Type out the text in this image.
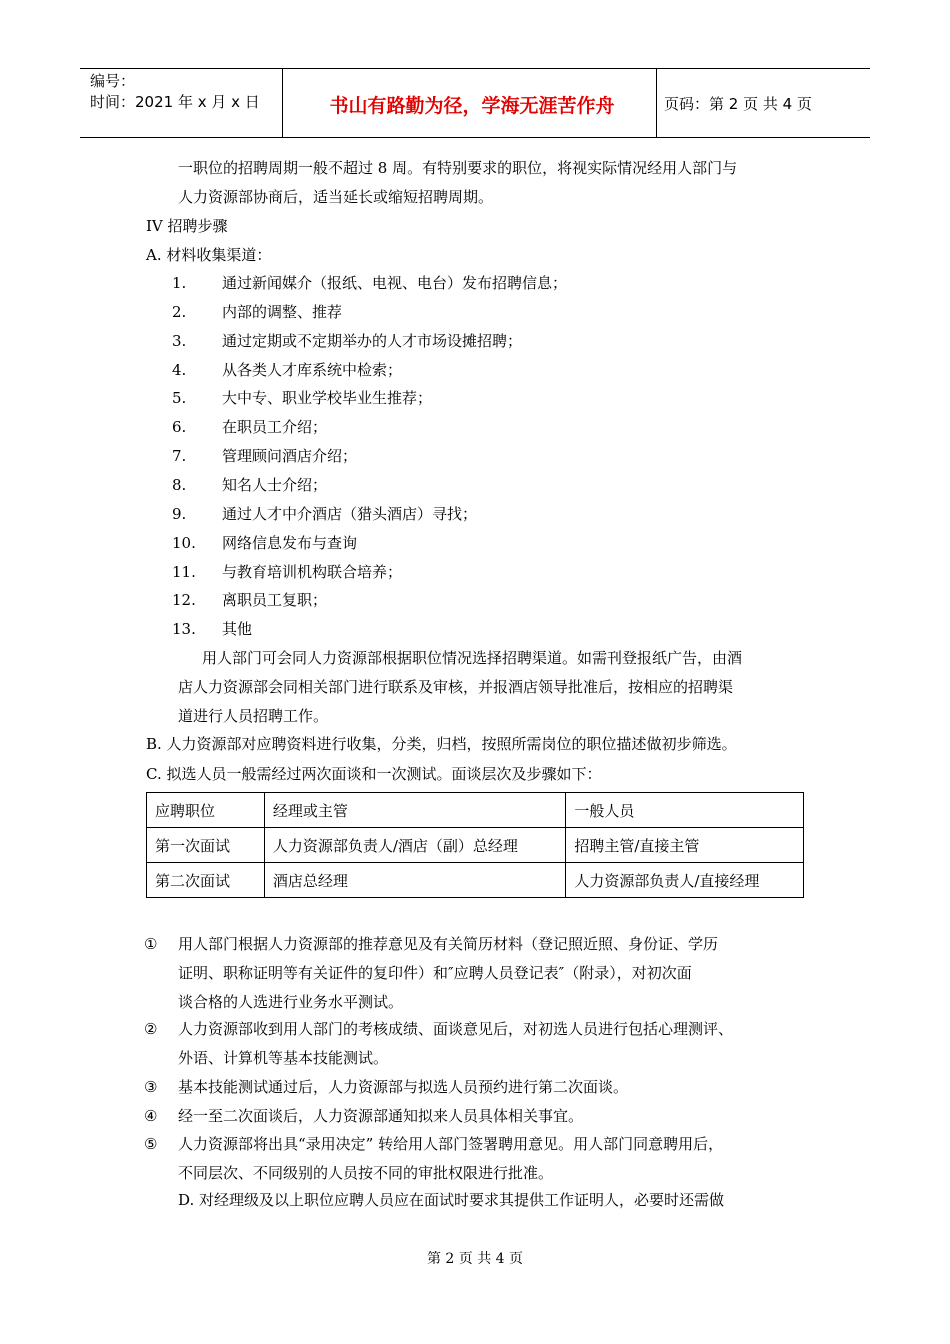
编号：
时间：2021 年 x 月 x 日	书山有路勤为径，学海无涯苦作舟	页码：第 2 页 共 4 页
一职位的招聘周期一般不超过 8 周。有特别要求的职位，将视实际情况经用人部门与
人力资源部协商后，适当延长或缩短招聘周期。
IV 招聘步骤
A. 材料收集渠道：
1. 通过新闻媒介（报纸、电视、电台）发布招聘信息；
2. 内部的调整、推荐
3. 通过定期或不定期举办的人才市场设摊招聘；
4. 从各类人才库系统中检索；
5. 大中专、职业学校毕业生推荐；
6. 在职员工介绍；
7. 管理顾问酒店介绍；
8. 知名人士介绍；
9. 通过人才中介酒店（猎头酒店）寻找；
10. 网络信息发布与查询
11. 与教育培训机构联合培养；
12. 离职员工复职；
13. 其他
用人部门可会同人力资源部根据职位情况选择招聘渠道。如需刊登报纸广告，由酒
店人力资源部会同相关部门进行联系及审核，并报酒店领导批准后，按相应的招聘渠
道进行人员招聘工作。
B. 人力资源部对应聘资料进行收集，分类，归档，按照所需岗位的职位描述做初步筛选。
C. 拟选人员一般需经过两次面谈和一次测试。面谈层次及步骤如下：
应聘职位	经理或主管	一般人员
第一次面试	人力资源部负责人/酒店（副）总经理	招聘主管/直接主管
第二次面试	酒店总经理	人力资源部负责人/直接经理
① 用人部门根据人力资源部的推荐意见及有关简历材料（登记照近照、身份证、学历
证明、职称证明等有关证件的复印件）和″应聘人员登记表″（附录），对初次面
谈合格的人选进行业务水平测试。
② 人力资源部收到用人部门的考核成绩、面谈意见后，对初选人员进行包括心理测评、
外语、计算机等基本技能测试。
③ 基本技能测试通过后，人力资源部与拟选人员预约进行第二次面谈。
④ 经一至二次面谈后，人力资源部通知拟来人员具体相关事宜。
⑤ 人力资源部将出具“录用决定” 转给用人部门签署聘用意见。用人部门同意聘用后，
不同层次、不同级别的人员按不同的审批权限进行批准。
D. 对经理级及以上职位应聘人员应在面试时要求其提供工作证明人，必要时还需做
第 2 页 共 4 页
